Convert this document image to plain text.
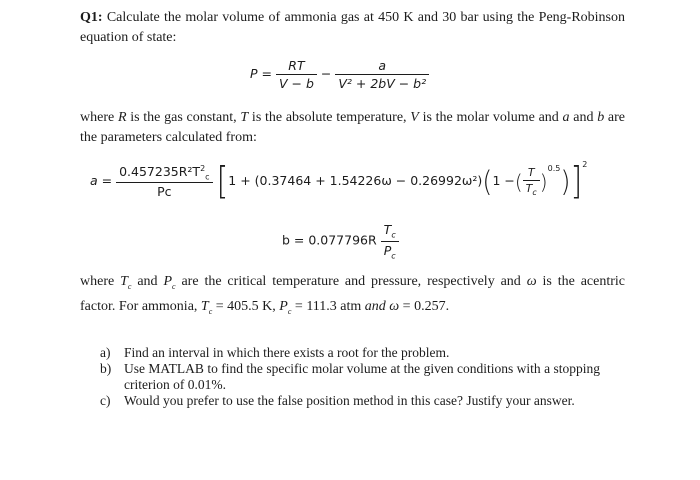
Q1: Calculate the molar volume of ammonia gas at 450 K and 30 bar using the Peng-Robinson equation of state:
$P = \frac{RT}{V - b} - \frac{a}{\text{V² + 2bV − b²}}$
where R is the gas constant, T is the absolute temperature, V is the molar volume and a and b are the parameters calculated from:
$a = \frac{0.457235R^2T^2_c}{Pc} [1 + (0.37464 + 1.54226\omega - 0.26992\omega^2)(1$ −( $\frac{T}{T_c} )^{0.5})]^2$
$b = 0.077796R \frac{T_c}{P_c}$
where $T_c$ and $P_c$ are the critical temperature and pressure, respectively and ω is the acentric factor. For ammonia, $T_c = 405.5$ K, $P_c = 111.3$ atm and ω = 0.257.
a)	Find an interval in which there exists a root for the problem.
b) Use MATLAB to find the specific molar volume at the given conditions with a stopping criterion of 0.01%.
c)	Would you prefer to use the false position method in this case? Justify your answer.
